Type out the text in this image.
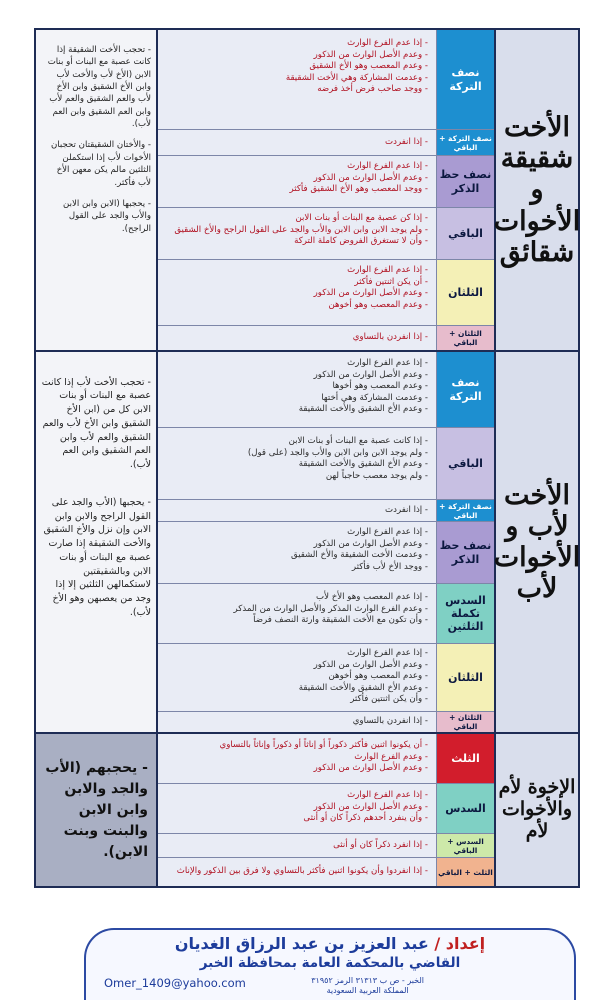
الأخت شقيقة و الأخوات شقائق

- تحجب الأخت الشقيقة إذا كانت عصبة مع البنات أو بنات الابن (الأخ لأب والأخت لأب وابن الأخ الشقيق وابن الأخ لأب والعم الشقيق والعم لأب وابن العم الشقيق وابن العم لأب).

- والأختان الشقيقتان تحجبان الأخوات لأب إذا استكملن الثلثين مالم يكن معهن الأخ لأب فأكثر.

- يحجبها (الابن وابن الابن والأب والجد على القول الراجح).

نصف التركة

- إذا عدم الفرع الوارث

- وعدم الأصل الوارث من الذكور

- وعدم المعصب وهو الأخ الشقيق

- وعدمت المشاركة وهي الأخت الشقيقة

- ووجد صاحب فرض أخذ فرضه

نصف التركة + الباقي

- إذا انفردت

نصف حظ الذكر

- إذا عدم الفرع الوارث

- وعدم الأصل الوارث من الذكور

- ووجد المعصب وهو الأخ الشقيق فأكثر

الباقي

- إذا كن عصبة مع البنات أو بنات الابن

- ولم يوجد الابن وابن الابن والأب والجد على القول الراجح والأخ الشقيق

- وأن لا تستغرق الفروض كاملة التركة

الثلثان

- إذا عدم الفرع الوارث

- أن يكن اثنتين فأكثر

- وعدم الأصل الوارث من الذكور

- وعدم المعصب وهو أخوهن

الثلثان + الباقي

- إذا انفردن بالتساوي

الأخت لأب و الأخوات لأب

- تحجب الأخت لأب إذا كانت عصبة مع البنات أو بنات الابن كل من (ابن الأخ الشقيق وابن الأخ لأب والعم الشقيق والعم لأب وابن العم الشقيق وابن العم لأب).

- يحجبها (الأب والجد على القول الراجح والابن وابن الابن وإن نزل والأخ الشقيق والأخت الشقيقة إذا صارت عصبة مع البنات أو بنات الابن وبالشقيقتين لاستكمالهن الثلثين إلا إذا وجد من يعصبهن وهو الأخ لأب).

نصف التركة

- إذا عدم الفرع الوارث

- وعدم الأصل الوارث من الذكور

- وعدم المعصب وهو أخوها

- وعدمت المشاركة وهي أختها

- وعدم الأخ الشقيق والأخت الشقيقة

الباقي

- إذا كانت عصبة مع البنات أو بنات الابن

- ولم يوجد الابن وابن الابن والأب والجد (على قول)

- وعدم الأخ الشقيق والأخت الشقيقة

- ولم يوجد معصب حاجباً لهن

نصف التركة + الباقي

- إذا انفردت

نصف حظ الذكر

- إذا عدم الفرع الوارث

- وعدم الأصل الوارث من الذكور

- وعدمت الأخت الشقيقة والأخ الشقيق

- ووجد الأخ لأب فأكثر

السدس تكملة الثلثين

- إذا عدم المعصب وهو الأخ لأب

- وعدم الفرع الوارث المذكر والأصل الوارث من المذكر

- وأن تكون مع الأخت الشقيقة وارثة النصف فرضاً

الثلثان

- إذا عدم الفرع الوارث

- وعدم الأصل الوارث من الذكور

- وعدم المعصب وهو أخوهن

- وعدم الأخ الشقيق والأخت الشقيقة

- وأن يكن اثنتين فأكثر

الثلثان + الباقي

- إذا انفردن بالتساوي

الإخوة لأم والأخوات لأم

- يحجبهم (الأب والجد والابن وابن الابن والبنت وبنت الابن).

الثلث

- أن يكونوا اثنين فأكثر ذكوراً أو إناثاً أو ذكوراً وإناثاً بالتساوي

- وعدم الفرع الوارث

- وعدم الأصل الوارث من الذكور

السدس

- إذا عدم الفرع الوارث

- وعدم الأصل الوارث من الذكور

- وأن ينفرد أحدهم ذكراً كان أو أنثى

السدس + الباقي

- إذا انفرد ذكراً كان أو أنثى

الثلث + الباقي

- إذا انفردوا وأن يكونوا اثنين فأكثر بالتساوي ولا فرق بين الذكور والإناث

إعداد / عبد العزيز بن عبد الرزاق الغديان
القاضي بالمحكمة العامة بمحافظة الخبر
Omer_1409@yahoo.com	الخبر - ص ب ٣١٣١٣ الرمز ٣١٩٥٢
المملكة العربية السعودية
